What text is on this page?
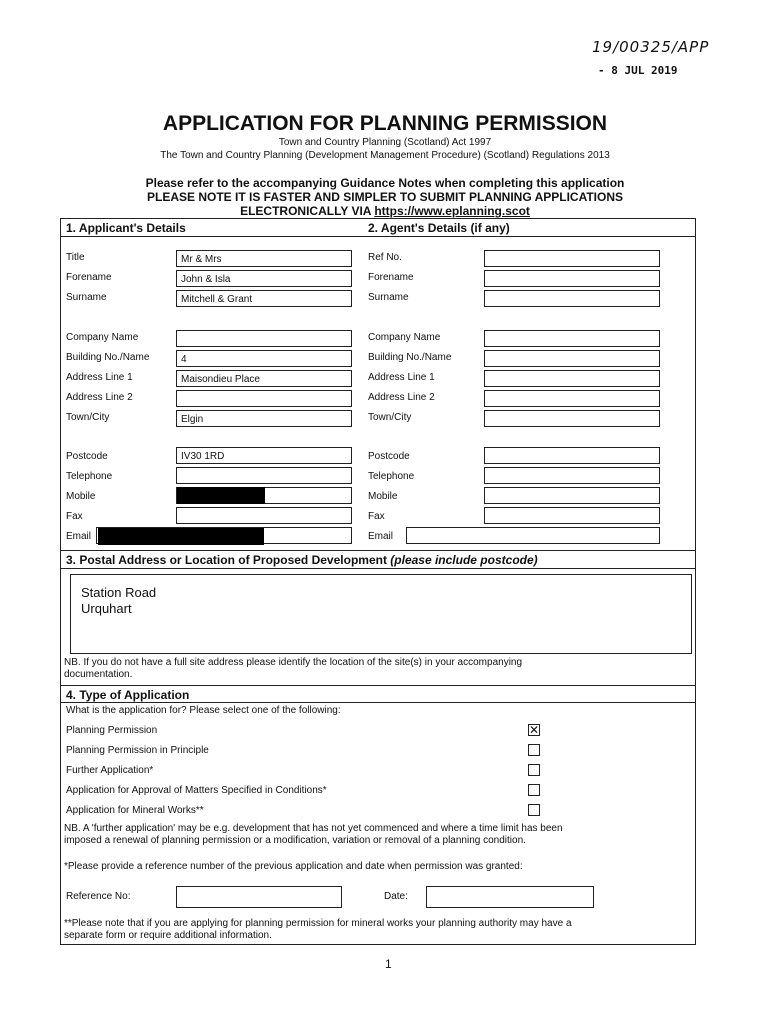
19/00325/APP
- 8 JUL 2019
APPLICATION FOR PLANNING PERMISSION
Town and Country Planning (Scotland) Act 1997
The Town and Country Planning (Development Management Procedure) (Scotland) Regulations 2013
Please refer to the accompanying Guidance Notes when completing this application
PLEASE NOTE IT IS FASTER AND SIMPLER TO SUBMIT PLANNING APPLICATIONS
ELECTRONICALLY VIA https://www.eplanning.scot
1. Applicant's Details	2. Agent's Details (if any)
Title
Forename
Surname
Company Name
Building No./Name
Address Line 1
Address Line 2
Town/City
Postcode
Telephone
Mobile
Fax
Email
Mr & Mrs
John & Isla
Mitchell & Grant
4
Maisondieu Place
Elgin
IV30 1RD
Ref No.
Forename
Surname
Company Name
Building No./Name
Address Line 1
Address Line 2
Town/City
Postcode
Telephone
Mobile
Fax
Email
3. Postal Address or Location of Proposed Development (please include postcode)
Station Road
Urquhart
NB. If you do not have a full site address please identify the location of the site(s) in your accompanying
documentation.
4. Type of Application
What is the application for? Please select one of the following:
Planning Permission
Planning Permission in Principle
Further Application*
Application for Approval of Matters Specified in Conditions*
Application for Mineral Works**
✕
NB. A 'further application' may be e.g. development that has not yet commenced and where a time limit has been
imposed a renewal of planning permission or a modification, variation or removal of a planning condition.
*Please provide a reference number of the previous application and date when permission was granted:
Reference No:	Date:
**Please note that if you are applying for planning permission for mineral works your planning authority may have a
separate form or require additional information.
1
